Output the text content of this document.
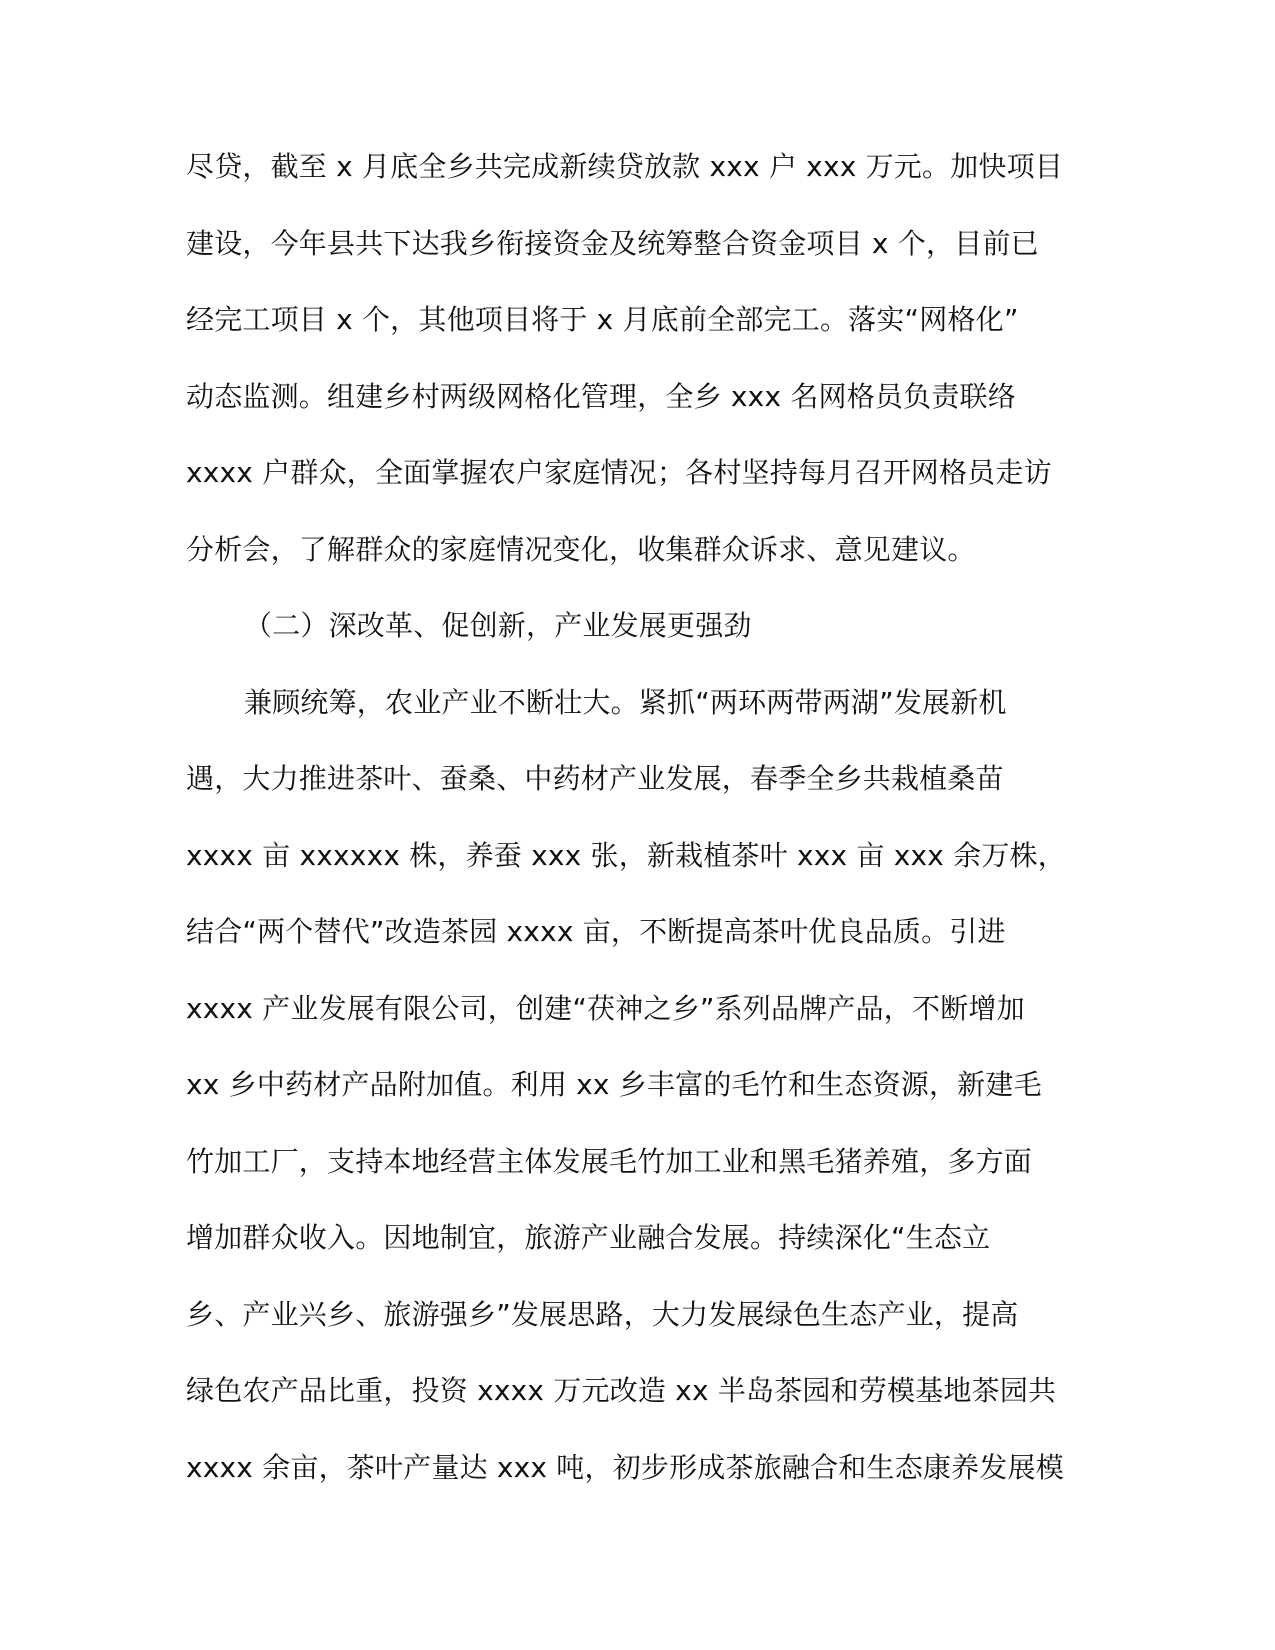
尽贷，截至 x 月底全乡共完成新续贷放款 xxx 户 xxx 万元。加快项目
建设，今年县共下达我乡衔接资金及统筹整合资金项目 x 个，目前已
经完工项目 x 个，其他项目将于 x 月底前全部完工。落实“网格化”
动态监测。组建乡村两级网格化管理，全乡 xxx 名网格员负责联络
xxxx 户群众，全面掌握农户家庭情况；各村坚持每月召开网格员走访
分析会，了解群众的家庭情况变化，收集群众诉求、意见建议。
（二）深改革、促创新，产业发展更强劲
兼顾统筹，农业产业不断壮大。紧抓“两环两带两湖”发展新机
遇，大力推进茶叶、蚕桑、中药材产业发展，春季全乡共栽植桑苗
xxxx 亩 xxxxxx 株，养蚕 xxx 张，新栽植茶叶 xxx 亩 xxx 余万株，
结合“两个替代”改造茶园 xxxx 亩，不断提高茶叶优良品质。引进
xxxx 产业发展有限公司，创建“茯神之乡”系列品牌产品，不断增加
xx 乡中药材产品附加值。利用 xx 乡丰富的毛竹和生态资源，新建毛
竹加工厂，支持本地经营主体发展毛竹加工业和黑毛猪养殖，多方面
增加群众收入。因地制宜，旅游产业融合发展。持续深化“生态立
乡、产业兴乡、旅游强乡”发展思路，大力发展绿色生态产业，提高
绿色农产品比重，投资 xxxx 万元改造 xx 半岛茶园和劳模基地茶园共
xxxx 余亩，茶叶产量达 xxx 吨，初步形成茶旅融合和生态康养发展模
